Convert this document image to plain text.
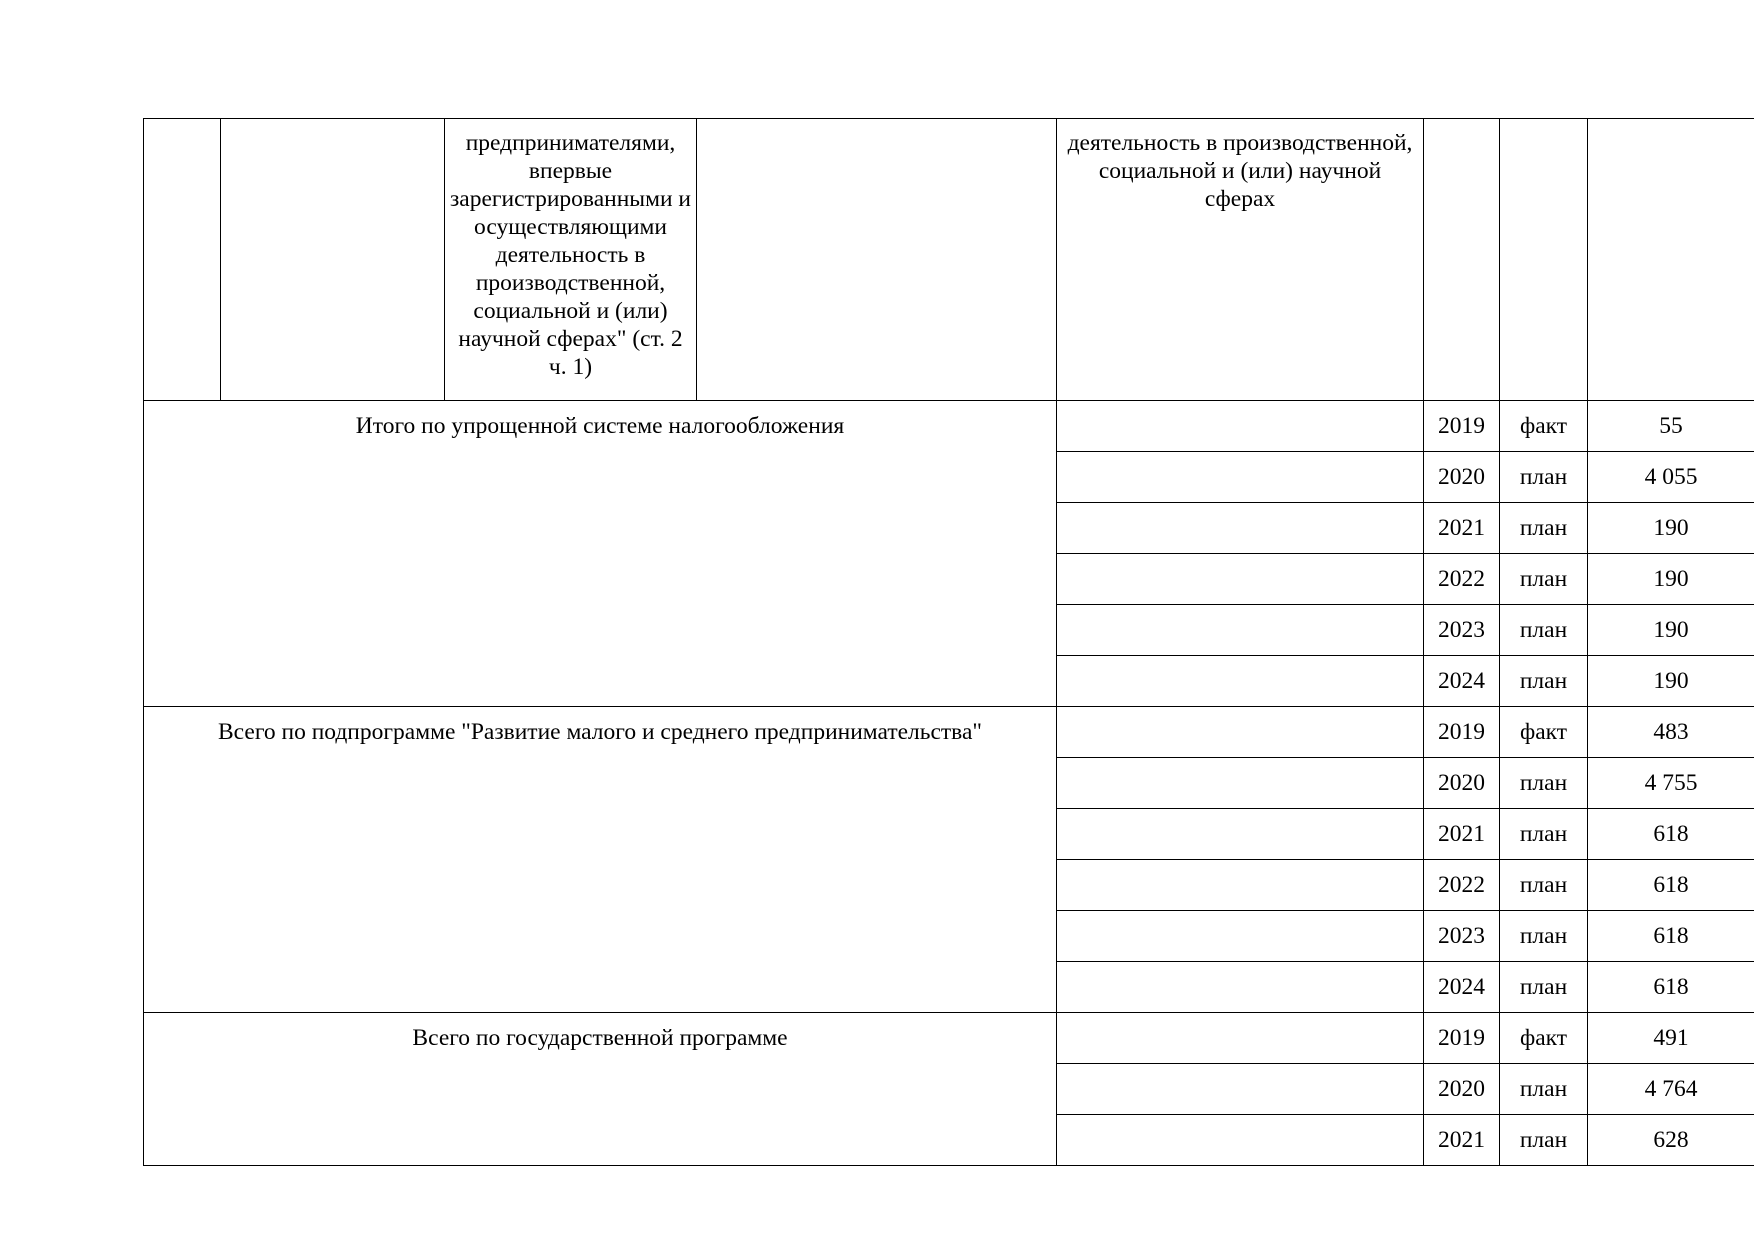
		предпринимателями, впервые зарегистрированными и осуществляющими деятельность в производственной, социальной и (или) научной сферах" (ст. 2 ч. 1)		деятельность в производственной, социальной и (или) научной сферах			

Итого по упрощенной системе налогообложения					2019	факт	55
					2020	план	4 055
					2021	план	190
					2022	план	190
					2023	план	190
					2024	план	190

Всего по подпрограмме "Развитие малого и среднего предпринимательства"					2019	факт	483
					2020	план	4 755
					2021	план	618
					2022	план	618
					2023	план	618
					2024	план	618

Всего по государственной программе					2019	факт	491
					2020	план	4 764
					2021	план	628
